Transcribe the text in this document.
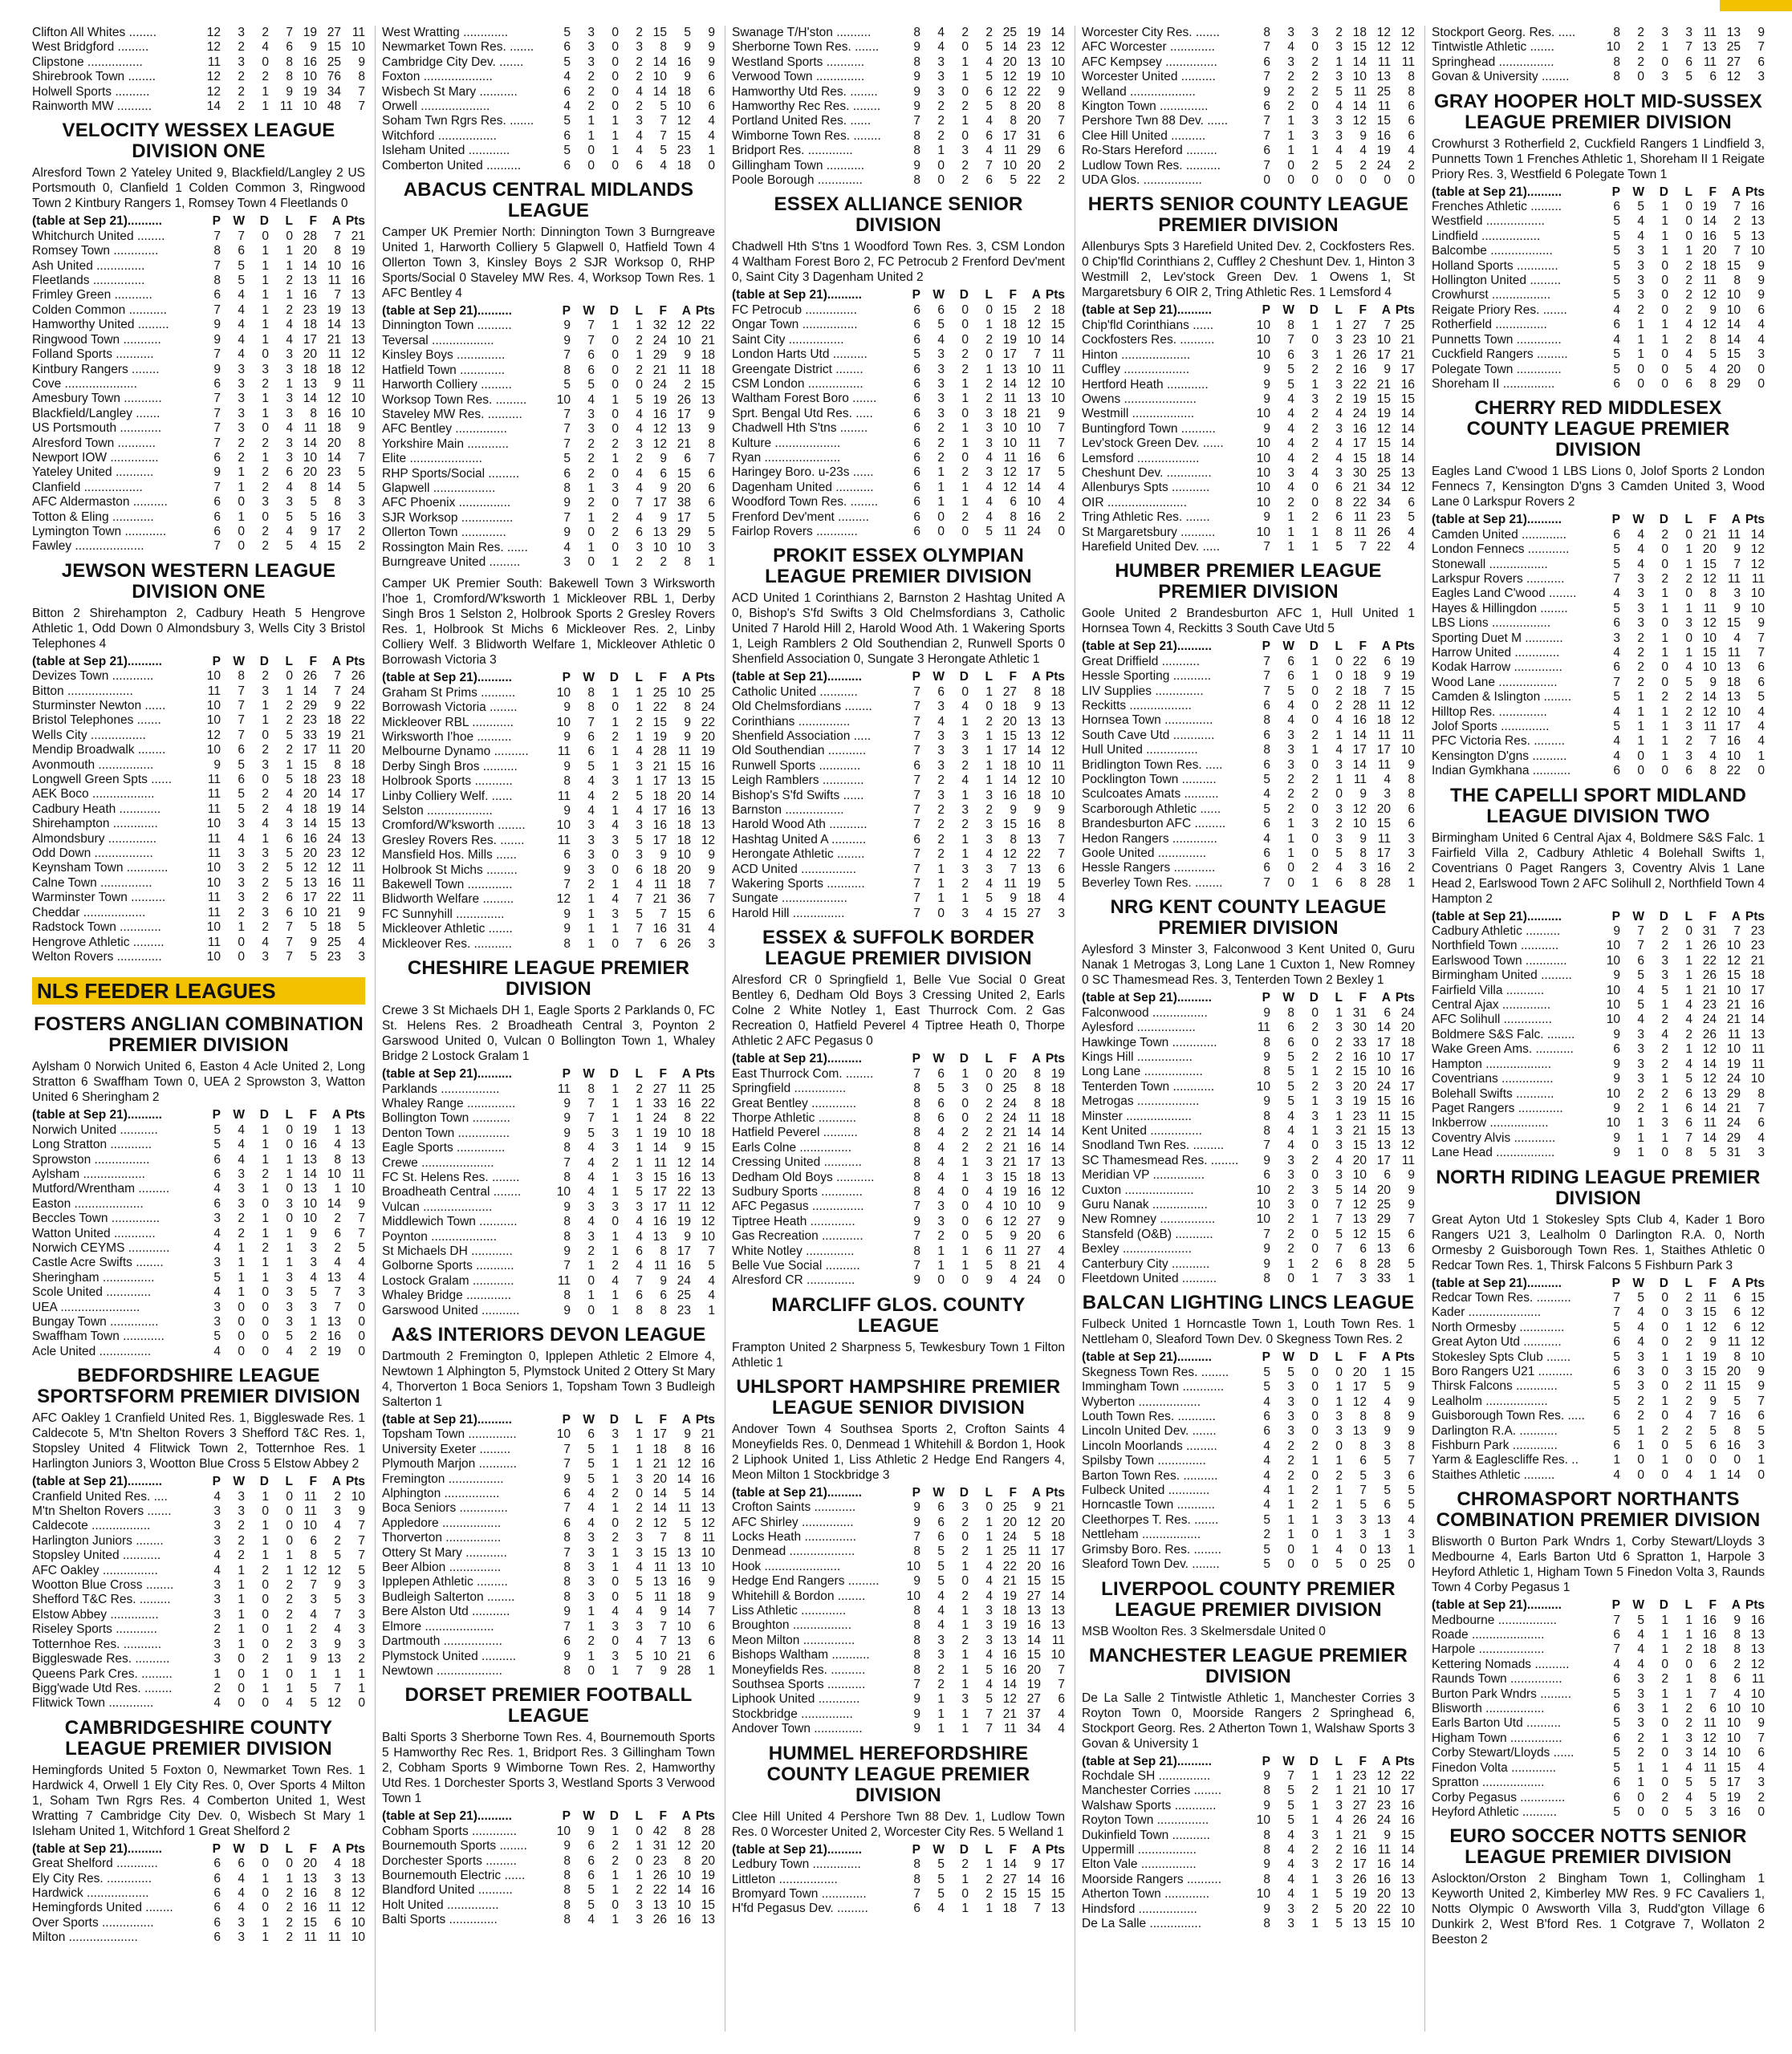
Clifton All Whites ........	12	3	2	7	19	27	11
West Bridgford .........	12	2	4	6	9	15	10
Clipstone ................	11	3	0	8	16	25	9
Shirebrook Town ........	12	2	2	8	10	76	8
Holwell Sports ..........	12	2	1	9	19	34	7
Rainworth MW ..........	14	2	1	11	10	48	7
VELOCITY WESSEX LEAGUE DIVISION ONE
Alresford Town 2 Yateley United 9, Blackfield/Langley 2 US Portsmouth 0, Clanfield 1 Colden Common 3, Ringwood Town 2 Kintbury Rangers 1, Romsey Town 4 Fleetlands 0
(table at Sep 21)..........	P	W	D	L	F	A	Pts
Whitchurch United ........	7	7	0	0	28	7	21
Romsey Town .............	8	6	1	1	20	8	19
Ash United ..............	7	5	1	1	14	10	16
Fleetlands ...............	8	5	1	2	13	11	16
Frimley Green ...........	6	4	1	1	16	7	13
Colden Common ...........	7	4	1	2	23	19	13
Hamworthy United .........	9	4	1	4	18	14	13
Ringwood Town ...........	9	4	1	4	17	21	13
Folland Sports ...........	7	4	0	3	20	11	12
Kintbury Rangers ........	9	3	3	3	18	18	12
Cove .....................	6	3	2	1	13	9	11
Amesbury Town ...........	7	3	1	3	14	12	10
Blackfield/Langley .......	7	3	1	3	8	16	10
US Portsmouth ............	7	3	0	4	11	18	9
Alresford Town ...........	7	2	2	3	14	20	8
Newport IOW ..............	6	2	1	3	10	14	7
Yateley United ...........	9	1	2	6	20	23	5
Clanfield .................	7	1	2	4	8	14	5
AFC Aldermaston ..........	6	0	3	3	5	8	3
Totton & Eling ............	6	1	0	5	5	16	3
Lymington Town ............	6	0	2	4	9	17	2
Fawley ....................	7	0	2	5	4	15	2
JEWSON WESTERN LEAGUE DIVISION ONE
Bitton 2 Shirehampton 2, Cadbury Heath 5 Hengrove Athletic 1, Odd Down 0 Almondsbury 3, Wells City 3 Bristol Telephones 4
(table at Sep 21)..........	P	W	D	L	F	A	Pts
Devizes Town ............	10	8	2	0	26	7	26
Bitton ...................	11	7	3	1	14	7	24
Sturminster Newton ......	10	7	1	2	29	9	22
Bristol Telephones .......	10	7	1	2	23	18	22
Wells City ................	12	7	0	5	33	19	21
Mendip Broadwalk ........	10	6	2	2	17	11	20
Avonmouth ................	9	5	3	1	15	8	18
Longwell Green Spts ......	11	6	0	5	18	23	18
AEK Boco ..................	11	5	2	4	20	14	17
Cadbury Heath ............	11	5	2	4	18	19	14
Shirehampton .............	10	3	4	3	14	15	13
Almondsbury ..............	11	4	1	6	16	24	13
Odd Down .................	11	3	3	5	20	23	12
Keynsham Town ............	10	3	2	5	12	12	11
Calne Town ...............	10	3	2	5	13	16	11
Warminster Town ..........	11	3	2	6	17	22	11
Cheddar ..................	11	2	3	6	10	21	9
Radstock Town ............	10	1	2	7	5	18	5
Hengrove Athletic .........	11	0	4	7	9	25	4
Welton Rovers .............	10	0	3	7	5	23	3
NLS FEEDER LEAGUES
FOSTERS ANGLIAN COMBINATION PREMIER DIVISION
Aylsham 0 Norwich United 6, Easton 4 Acle United 2, Long Stratton 6 Swaffham Town 0, UEA 2 Sprowston 3, Watton United 6 Sheringham 2
(table at Sep 21)..........	P	W	D	L	F	A	Pts
Norwich United ...........	5	4	1	0	19	1	13
Long Stratton ............	5	4	1	0	16	4	13
Sprowston ................	6	4	1	1	13	8	13
Aylsham ..................	6	3	2	1	14	10	11
Mutford/Wrentham .........	4	3	1	0	13	1	10
Easton ....................	6	3	0	3	10	14	9
Beccles Town ..............	3	2	1	0	10	2	7
Watton United ............	4	2	1	1	9	6	7
Norwich CEYMS ............	4	1	2	1	3	2	5
Castle Acre Swifts ........	3	1	1	1	3	4	4
Sheringham ...............	5	1	1	3	4	13	4
Scole United .............	4	1	0	3	5	7	3
UEA .......................	3	0	0	3	3	7	0
Bungay Town ..............	3	0	0	3	1	13	0
Swaffham Town ............	5	0	0	5	2	16	0
Acle United ...............	4	0	0	4	2	19	0
BEDFORDSHIRE LEAGUE SPORTSFORM PREMIER DIVISION
AFC Oakley 1 Cranfield United Res. 1, Biggleswade Res. 1 Caldecote 5, M'tn Shelton Rovers 3 Shefford T&C Res. 1, Stopsley United 4 Flitwick Town 2, Totternhoe Res. 1 Harlington Juniors 3, Wootton Blue Cross 5 Elstow Abbey 2
(table at Sep 21)..........	P	W	D	L	F	A	Pts
Cranfield United Res. ....	4	3	1	0	11	2	10
M'tn Shelton Rovers .......	3	3	0	0	11	3	9
Caldecote .................	3	2	1	0	10	4	7
Harlington Juniors ........	3	2	1	0	6	2	7
Stopsley United ...........	4	2	1	1	8	5	7
AFC Oakley ................	4	1	2	1	12	12	5
Wootton Blue Cross ........	3	1	0	2	7	9	3
Shefford T&C Res. .........	3	1	0	2	3	5	3
Elstow Abbey ..............	3	1	0	2	4	7	3
Riseley Sports ............	2	1	0	1	2	4	3
Totternhoe Res. ...........	3	1	0	2	3	9	3
Biggleswade Res. ..........	3	0	2	1	9	13	2
Queens Park Cres. .........	1	0	1	0	1	1	1
Bigg'wade Utd Res. ........	2	0	1	1	5	7	1
Flitwick Town .............	4	0	0	4	5	12	0
CAMBRIDGESHIRE COUNTY LEAGUE PREMIER DIVISION
Hemingfords United 5 Foxton 0, Newmarket Town Res. 1 Hardwick 4, Orwell 1 Ely City Res. 0, Over Sports 4 Milton 1, Soham Twn Rgrs Res. 4 Comberton United 1, West Wratting 7 Cambridge City Dev. 0, Wisbech St Mary 1 Isleham United 1, Witchford 1 Great Shelford 2
(table at Sep 21)..........	P	W	D	L	F	A	Pts
Great Shelford ............	6	6	0	0	20	4	18
Ely City Res. .............	6	4	1	1	13	3	13
Hardwick ..................	6	4	0	2	16	8	12
Hemingfords United ........	6	4	0	2	16	11	12
Over Sports ...............	6	3	1	2	15	6	10
Milton ....................	6	3	1	2	11	11	10
West Wratting .............	5	3	0	2	15	5	9
Newmarket Town Res. .......	6	3	0	3	8	9	9
Cambridge City Dev. .......	5	3	0	2	14	16	9
Foxton ....................	4	2	0	2	10	9	6
Wisbech St Mary ...........	6	2	0	4	14	18	6
Orwell ....................	4	2	0	2	5	10	6
Soham Twn Rgrs Res. .......	5	1	1	3	7	12	4
Witchford .................	6	1	1	4	7	15	4
Isleham United ............	5	0	1	4	5	23	1
Comberton United ..........	6	0	0	6	4	18	0
ABACUS CENTRAL MIDLANDS LEAGUE
Camper UK Premier North: Dinnington Town 3 Burngreave United 1, Harworth Colliery 5 Glapwell 0, Hatfield Town 4 Ollerton Town 3, Kinsley Boys 2 SJR Worksop 0, RHP Sports/Social 0 Staveley MW Res. 4, Worksop Town Res. 1 AFC Bentley 4
(table at Sep 21)..........	P	W	D	L	F	A	Pts
Dinnington Town ..........	9	7	1	1	32	12	22
Teversal ..................	9	7	0	2	24	10	21
Kinsley Boys ..............	7	6	0	1	29	9	18
Hatfield Town .............	8	6	0	2	21	11	18
Harworth Colliery .........	5	5	0	0	24	2	15
Worksop Town Res. .........	10	4	1	5	19	26	13
Staveley MW Res. ..........	7	3	0	4	16	17	9
AFC Bentley ...............	7	3	0	4	12	13	9
Yorkshire Main ............	7	2	2	3	12	21	8
Elite .....................	5	2	1	2	9	6	7
RHP Sports/Social .........	6	2	0	4	6	15	6
Glapwell ..................	8	1	3	4	9	20	6
AFC Phoenix ...............	9	2	0	7	17	38	6
SJR Worksop ...............	7	1	2	4	9	17	5
Ollerton Town .............	9	0	2	6	13	29	5
Rossington Main Res. ......	4	1	0	3	10	10	3
Burngreave United .........	3	0	1	2	2	8	1
Camper UK Premier South: Bakewell Town 3 Wirksworth I'hoe 1, Cromford/W'ksworth 1 Mickleover RBL 1, Derby Singh Bros 1 Selston 2, Holbrook Sports 2 Gresley Rovers Res. 1, Holbrook St Michs 6 Mickleover Res. 2, Linby Colliery Welf. 3 Blidworth Welfare 1, Mickleover Athletic 0 Borrowash Victoria 3
(table at Sep 21)..........	P	W	D	L	F	A	Pts
Graham St Prims ..........	10	8	1	1	25	10	25
Borrowash Victoria ........	9	8	0	1	22	8	24
Mickleover RBL ............	10	7	1	2	15	9	22
Wirksworth I'hoe ..........	9	6	2	1	19	9	20
Melbourne Dynamo ..........	11	6	1	4	28	11	19
Derby Singh Bros ..........	9	5	1	3	21	15	16
Holbrook Sports ...........	8	4	3	1	17	13	15
Linby Colliery Welf. ......	11	4	2	5	18	20	14
Selston ...................	9	4	1	4	17	16	13
Cromford/W'ksworth ........	10	3	4	3	16	18	13
Gresley Rovers Res. .......	11	3	3	5	17	18	12
Mansfield Hos. Mills ......	6	3	0	3	9	10	9
Holbrook St Michs .........	9	3	0	6	18	20	9
Bakewell Town .............	7	2	1	4	11	18	7
Blidworth Welfare .........	12	1	4	7	21	36	7
FC Sunnyhill ..............	9	1	3	5	7	15	6
Mickleover Athletic .......	9	1	1	7	16	31	4
Mickleover Res. ...........	8	1	0	7	6	26	3
CHESHIRE LEAGUE PREMIER DIVISION
Crewe 3 St Michaels DH 1, Eagle Sports 2 Parklands 0, FC St. Helens Res. 2 Broadheath Central 3, Poynton 2 Garswood United 0, Vulcan 0 Bollington Town 1, Whaley Bridge 2 Lostock Gralam 1
(table at Sep 21)..........	P	W	D	L	F	A	Pts
Parklands .................	11	8	1	2	27	11	25
Whaley Range ..............	9	7	1	1	33	16	22
Bollington Town ...........	9	7	1	1	24	8	22
Denton Town ...............	9	5	3	1	19	10	18
Eagle Sports ..............	8	4	3	1	14	9	15
Crewe .....................	7	4	2	1	11	12	14
FC St. Helens Res. ........	8	4	1	3	15	16	13
Broadheath Central ........	10	4	1	5	17	22	13
Vulcan ....................	9	3	3	3	17	11	12
Middlewich Town ...........	8	4	0	4	16	19	12
Poynton ...................	8	3	1	4	13	9	10
St Michaels DH ............	9	2	1	6	8	17	7
Golborne Sports ...........	7	1	2	4	11	16	5
Lostock Gralam ............	11	0	4	7	9	24	4
Whaley Bridge .............	8	1	1	6	6	25	4
Garswood United ...........	9	0	1	8	8	23	1
A&S INTERIORS DEVON LEAGUE
Dartmouth 2 Fremington 0, Ipplepen Athletic 2 Elmore 4, Newtown 1 Alphington 5, Plymstock United 2 Ottery St Mary 4, Thorverton 1 Boca Seniors 1, Topsham Town 3 Budleigh Salterton 1
(table at Sep 21)..........	P	W	D	L	F	A	Pts
Topsham Town ..............	10	6	3	1	17	9	21
University Exeter .........	7	5	1	1	18	8	16
Plymouth Marjon ...........	7	5	1	1	21	12	16
Fremington ................	9	5	1	3	20	14	16
Alphington ................	6	4	2	0	14	5	14
Boca Seniors ..............	7	4	1	2	14	11	13
Appledore .................	6	4	0	2	12	5	12
Thorverton ................	8	3	2	3	7	8	11
Ottery St Mary ............	7	3	1	3	15	13	10
Beer Albion ...............	8	3	1	4	11	13	10
Ipplepen Athletic .........	8	3	0	5	13	16	9
Budleigh Salterton ........	8	3	0	5	11	18	9
Bere Alston Utd ...........	9	1	4	4	9	14	7
Elmore ....................	7	1	3	3	7	10	6
Dartmouth .................	6	2	0	4	7	13	6
Plymstock United ..........	9	1	3	5	10	21	6
Newtown ...................	8	0	1	7	9	28	1
DORSET PREMIER FOOTBALL LEAGUE
Balti Sports 3 Sherborne Town Res. 4, Bournemouth Sports 5 Hamworthy Rec Res. 1, Bridport Res. 3 Gillingham Town 2, Cobham Sports 9 Wimborne Town Res. 2, Hamworthy Utd Res. 1 Dorchester Sports 3, Westland Sports 3 Verwood Town 1
(table at Sep 21)..........	P	W	D	L	F	A	Pts
Cobham Sports .............	10	9	1	0	42	8	28
Bournemouth Sports ........	9	6	2	1	31	12	20
Dorchester Sports .........	8	6	2	0	23	8	20
Bournemouth Electric ......	8	6	1	1	26	10	19
Blandford United ..........	8	5	1	2	22	14	16
Holt United ...............	8	5	0	3	13	10	15
Balti Sports ..............	8	4	1	3	26	16	13
Swanage T/H'ston ..........	8	4	2	2	25	19	14
Sherborne Town Res. .......	9	4	0	5	14	23	12
Westland Sports ...........	8	3	1	4	20	13	10
Verwood Town ..............	9	3	1	5	12	19	10
Hamworthy Utd Res. ........	9	3	0	6	12	22	9
Hamworthy Rec Res. ........	9	2	2	5	8	20	8
Portland United Res. ......	7	2	1	4	8	20	7
Wimborne Town Res. ........	8	2	0	6	17	31	6
Bridport Res. .............	8	1	3	4	11	29	6
Gillingham Town ...........	9	0	2	7	10	20	2
Poole Borough .............	8	0	2	6	5	22	2
ESSEX ALLIANCE SENIOR DIVISION
Chadwell Hth S'tns 1 Woodford Town Res. 3, CSM London 4 Waltham Forest Boro 2, FC Petrocub 2 Frenford Dev'ment 0, Saint City 3 Dagenham United 2
(table at Sep 21)..........	P	W	D	L	F	A	Pts
FC Petrocub ...............	6	6	0	0	15	2	18
Ongar Town ................	6	5	0	1	18	12	15
Saint City ................	6	4	0	2	19	10	14
London Harts Utd ..........	5	3	2	0	17	7	11
Greengate District ........	6	3	2	1	13	10	11
CSM London ................	6	3	1	2	14	12	10
Waltham Forest Boro .......	6	3	1	2	11	13	10
Sprt. Bengal Utd Res. .....	6	3	0	3	18	21	9
Chadwell Hth S'tns ........	6	2	1	3	10	10	7
Kulture ...................	6	2	1	3	10	11	7
Ryan ......................	6	2	0	4	11	16	6
Haringey Boro. u-23s ......	6	1	2	3	12	17	5
Dagenham United ...........	6	1	1	4	12	14	4
Woodford Town Res. ........	6	1	1	4	6	10	4
Frenford Dev'ment .........	6	0	2	4	8	16	2
Fairlop Rovers ............	6	0	0	5	11	24	0
PROKIT ESSEX OLYMPIAN LEAGUE PREMIER DIVISION
ACD United 1 Corinthians 2, Barnston 2 Hashtag United A 0, Bishop's S'fd Swifts 3 Old Chelmsfordians 3, Catholic United 7 Harold Hill 2, Harold Wood Ath. 1 Wakering Sports 1, Leigh Ramblers 2 Old Southendian 2, Runwell Sports 0 Shenfield Association 0, Sungate 3 Herongate Athletic 1
(table at Sep 21)..........	P	W	D	L	F	A	Pts
Catholic United ...........	7	6	0	1	27	8	18
Old Chelmsfordians ........	7	3	4	0	18	9	13
Corinthians ...............	7	4	1	2	20	13	13
Shenfield Association .....	7	3	3	1	15	13	12
Old Southendian ...........	7	3	3	1	17	14	12
Runwell Sports ............	6	3	2	1	18	10	11
Leigh Ramblers ............	7	2	4	1	14	12	10
Bishop's S'fd Swifts ......	7	3	1	3	16	18	10
Barnston .................	7	2	3	2	9	9	9
Harold Wood Ath ...........	7	2	2	3	15	16	8
Hashtag United A ..........	6	2	1	3	8	13	7
Herongate Athletic ........	7	2	1	4	12	22	7
ACD United ................	7	1	3	3	7	13	6
Wakering Sports ...........	7	1	2	4	11	19	5
Sungate ...................	7	1	1	5	9	18	4
Harold Hill ...............	7	0	3	4	15	27	3
ESSEX & SUFFOLK BORDER LEAGUE PREMIER DIVISION
Alresford CR 0 Springfield 1, Belle Vue Social 0 Great Bentley 6, Dedham Old Boys 3 Cressing United 2, Earls Colne 2 White Notley 1, East Thurrock Com. 2 Gas Recreation 0, Hatfield Peverel 4 Tiptree Heath 0, Thorpe Athletic 2 AFC Pegasus 0
(table at Sep 21)..........	P	W	D	L	F	A	Pts
East Thurrock Com. ........	7	6	1	0	20	8	19
Springfield ...............	8	5	3	0	25	8	18
Great Bentley .............	8	6	0	2	24	8	18
Thorpe Athletic ...........	8	6	0	2	24	11	18
Hatfield Peverel ..........	8	4	2	2	21	14	14
Earls Colne ...............	8	4	2	2	21	16	14
Cressing United ...........	8	4	1	3	21	17	13
Dedham Old Boys ...........	8	4	1	3	15	18	13
Sudbury Sports ............	8	4	0	4	19	16	12
AFC Pegasus ...............	7	3	0	4	10	10	9
Tiptree Heath .............	9	3	0	6	12	27	9
Gas Recreation ............	7	2	0	5	9	20	6
White Notley ..............	8	1	1	6	11	27	4
Belle Vue Social ..........	7	1	1	5	8	21	4
Alresford CR ..............	9	0	0	9	4	24	0
MARCLIFF GLOS. COUNTY LEAGUE
Frampton United 2 Sharpness 5, Tewkesbury Town 1 Filton Athletic 1
UHLSPORT HAMPSHIRE PREMIER LEAGUE SENIOR DIVISION
Andover Town 4 Southsea Sports 2, Crofton Saints 4 Moneyfields Res. 0, Denmead 1 Whitehill & Bordon 1, Hook 2 Liphook United 1, Liss Athletic 2 Hedge End Rangers 4, Meon Milton 1 Stockbridge 3
(table at Sep 21)..........	P	W	D	L	F	A	Pts
Crofton Saints ............	9	6	3	0	25	9	21
AFC Shirley ...............	9	6	2	1	20	12	20
Locks Heath ...............	7	6	0	1	24	5	18
Denmead ...................	8	5	2	1	25	11	17
Hook ......................	10	5	1	4	22	20	16
Hedge End Rangers .........	9	5	0	4	21	15	15
Whitehill & Bordon ........	10	4	2	4	19	27	14
Liss Athletic .............	8	4	1	3	18	13	13
Broughton .................	8	4	1	3	19	16	13
Meon Milton ...............	8	3	2	3	13	14	11
Bishops Waltham ...........	8	3	1	4	16	15	10
Moneyfields Res. ..........	8	2	1	5	16	20	7
Southsea Sports ...........	7	2	1	4	14	19	7
Liphook United ............	9	1	3	5	12	27	6
Stockbridge ...............	9	1	1	7	21	37	4
Andover Town ..............	9	1	1	7	11	34	4
HUMMEL HEREFORDSHIRE COUNTY LEAGUE PREMIER DIVISION
Clee Hill United 4 Pershore Twn 88 Dev. 1, Ludlow Town Res. 0 Worcester United 2, Worcester City Res. 5 Welland 1
(table at Sep 21)..........	P	W	D	L	F	A	Pts
Ledbury Town ..............	8	5	2	1	14	9	17
Littleton .................	8	5	1	2	27	14	16
Bromyard Town .............	7	5	0	2	15	15	15
H'fd Pegasus Dev. .........	6	4	1	1	18	7	13
Worcester City Res. .......	8	3	3	2	18	12	12
AFC Worcester .............	7	4	0	3	15	12	12
AFC Kempsey ...............	6	3	2	1	14	11	11
Worcester United ..........	7	2	2	3	10	13	8
Welland ...................	9	2	2	5	11	25	8
Kington Town ..............	6	2	0	4	14	11	6
Pershore Twn 88 Dev. ......	7	1	3	3	12	15	6
Clee Hill United ..........	7	1	3	3	9	16	6
Ro-Stars Hereford .........	6	1	1	4	4	19	4
Ludlow Town Res. ..........	7	0	2	5	2	24	2
UDA Glos. .................	0	0	0	0	0	0	0
HERTS SENIOR COUNTY LEAGUE PREMIER DIVISION
Allenburys Spts 3 Harefield United Dev. 2, Cockfosters Res. 0 Chip'fld Corinthians 2, Cuffley 2 Cheshunt Dev. 1, Hinton 3 Westmill 2, Lev'stock Green Dev. 1 Owens 1, St Margaretsbury 6 OIR 2, Tring Athletic Res. 1 Lemsford 4
(table at Sep 21)..........	P	W	D	L	F	A	Pts
Chip'fld Corinthians ......	10	8	1	1	27	7	25
Cockfosters Res. ..........	10	7	0	3	23	10	21
Hinton ....................	10	6	3	1	26	17	21
Cuffley ...................	9	5	2	2	16	9	17
Hertford Heath ............	9	5	1	3	22	21	16
Owens .....................	9	4	3	2	19	15	15
Westmill ..................	10	4	2	4	24	19	14
Buntingford Town ..........	9	4	2	3	16	12	14
Lev'stock Green Dev. ......	10	4	2	4	17	15	14
Lemsford ..................	10	4	2	4	15	18	14
Cheshunt Dev. .............	10	3	4	3	30	25	13
Allenburys Spts ...........	10	4	0	6	21	34	12
OIR .......................	10	2	0	8	22	34	6
Tring Athletic Res. .......	9	1	2	6	11	23	5
St Margaretsbury ..........	10	1	1	8	11	26	4
Harefield United Dev. .....	7	1	1	5	7	22	4
HUMBER PREMIER LEAGUE PREMIER DIVISION
Goole United 2 Brandesburton AFC 1, Hull United 1 Hornsea Town 4, Reckitts 3 South Cave Utd 5
(table at Sep 21)..........	P	W	D	L	F	A	Pts
Great Driffield ...........	7	6	1	0	22	6	19
Hessle Sporting ...........	7	6	1	0	18	9	19
LIV Supplies ..............	7	5	0	2	18	7	15
Reckitts ..................	6	4	0	2	28	11	12
Hornsea Town ..............	8	4	0	4	16	18	12
South Cave Utd ............	6	3	2	1	14	11	11
Hull United ...............	8	3	1	4	17	17	10
Bridlington Town Res. .....	6	3	0	3	14	11	9
Pocklington Town ..........	5	2	2	1	11	4	8
Sculcoates Amats ..........	4	2	2	0	9	3	8
Scarborough Athletic ......	5	2	0	3	12	20	6
Brandesburton AFC .........	6	1	3	2	10	15	6
Hedon Rangers .............	4	1	0	3	9	11	3
Goole United ..............	6	1	0	5	8	17	3
Hessle Rangers ............	6	0	2	4	3	16	2
Beverley Town Res. ........	7	0	1	6	8	28	1
NRG KENT COUNTY LEAGUE PREMIER DIVISION
Aylesford 3 Minster 3, Falconwood 3 Kent United 0, Guru Nanak 1 Metrogas 3, Long Lane 1 Cuxton 1, New Romney 0 SC Thamesmead Res. 3, Tenterden Town 2 Bexley 1
(table at Sep 21)..........	P	W	D	L	F	A	Pts
Falconwood ................	9	8	0	1	31	6	24
Aylesford .................	11	6	2	3	30	14	20
Hawkinge Town .............	8	6	0	2	33	17	18
Kings Hill ................	9	5	2	2	16	10	17
Long Lane .................	8	5	1	2	15	10	16
Tenterden Town ............	10	5	2	3	20	24	17
Metrogas ..................	9	5	1	3	19	15	16
Minster ...................	8	4	3	1	23	11	15
Kent United ...............	8	4	1	3	21	15	13
Snodland Twn Res. .........	7	4	0	3	15	13	12
SC Thamesmead Res. ........	9	3	2	4	20	17	11
Meridian VP ...............	6	3	0	3	10	6	9
Cuxton ....................	10	2	3	5	14	20	9
Guru Nanak ................	10	3	0	7	12	25	9
New Romney ................	10	2	1	7	13	29	7
Stansfeld (O&B) ...........	7	2	0	5	12	15	6
Bexley ....................	9	2	0	7	6	13	6
Canterbury City ...........	9	1	2	6	8	28	5
Fleetdown United ..........	8	0	1	7	3	33	1
BALCAN LIGHTING LINCS LEAGUE
Fulbeck United 1 Horncastle Town 1, Louth Town Res. 1 Nettleham 0, Sleaford Town Dev. 0 Skegness Town Res. 2
(table at Sep 21)..........	P	W	D	L	F	A	Pts
Skegness Town Res. ........	5	5	0	0	20	1	15
Immingham Town ............	5	3	0	1	17	5	9
Wyberton ..................	4	3	0	1	12	4	9
Louth Town Res. ...........	6	3	0	3	8	8	9
Lincoln United Dev. .......	6	3	0	3	13	9	9
Lincoln Moorlands .........	4	2	2	0	8	3	8
Spilsby Town ..............	4	2	1	1	6	5	7
Barton Town Res. ..........	4	2	0	2	5	3	6
Fulbeck United ............	4	1	2	1	7	5	5
Horncastle Town ...........	4	1	2	1	5	6	5
Cleethorpes T. Res. .......	5	1	1	3	3	13	4
Nettleham .................	2	1	0	1	3	1	3
Grimsby Boro. Res. ........	5	0	1	4	0	13	1
Sleaford Town Dev. ........	5	0	0	5	0	25	0
LIVERPOOL COUNTY PREMIER LEAGUE PREMIER DIVISION
MSB Woolton Res. 3 Skelmersdale United 0
MANCHESTER LEAGUE PREMIER DIVISION
De La Salle 2 Tintwistle Athletic 1, Manchester Corries 3 Royton Town 0, Moorside Rangers 2 Springhead 6, Stockport Georg. Res. 2 Atherton Town 1, Walshaw Sports 3 Govan & University 1
(table at Sep 21)..........	P	W	D	L	F	A	Pts
Rochdale SH ...............	9	7	1	1	23	12	22
Manchester Corries ........	8	5	2	1	21	10	17
Walshaw Sports ............	9	5	1	3	27	23	16
Royton Town ...............	10	5	1	4	26	24	16
Dukinfield Town ...........	8	4	3	1	21	9	15
Uppermill .................	8	4	2	2	16	11	14
Elton Vale ................	9	4	3	2	17	16	14
Moorside Rangers ..........	8	4	1	3	26	16	13
Atherton Town .............	10	4	1	5	19	20	13
Hindsford .................	9	3	2	5	20	22	10
De La Salle ...............	8	3	1	5	13	15	10
Stockport Georg. Res. .....	8	2	3	3	11	13	9
Tintwistle Athletic .......	10	2	1	7	13	25	7
Springhead ................	8	2	0	6	11	27	6
Govan & University ........	8	0	3	5	6	12	3
GRAY HOOPER HOLT MID-SUSSEX LEAGUE PREMIER DIVISION
Crowhurst 3 Rotherfield 2, Cuckfield Rangers 1 Lindfield 3, Punnetts Town 1 Frenches Athletic 1, Shoreham II 1 Reigate Priory Res. 3, Westfield 6 Polegate Town 1
(table at Sep 21)..........	P	W	D	L	F	A	Pts
Frenches Athletic .........	6	5	1	0	19	7	16
Westfield .................	5	4	1	0	14	2	13
Lindfield .................	5	4	1	0	16	5	13
Balcombe ..................	5	3	1	1	20	7	10
Holland Sports ............	5	3	0	2	18	15	9
Hollington United .........	5	3	0	2	11	8	9
Crowhurst .................	5	3	0	2	12	10	9
Reigate Priory Res. .......	4	2	0	2	9	10	6
Rotherfield ...............	6	1	1	4	12	14	4
Punnetts Town .............	4	1	1	2	8	14	4
Cuckfield Rangers .........	5	1	0	4	5	15	3
Polegate Town .............	5	0	0	5	4	20	0
Shoreham II ...............	6	0	0	6	8	29	0
CHERRY RED MIDDLESEX COUNTY LEAGUE PREMIER DIVISION
Eagles Land C'wood 1 LBS Lions 0, Jolof Sports 2 London Fennecs 7, Kensington D'gns 3 Camden United 3, Wood Lane 0 Larkspur Rovers 2
(table at Sep 21)..........	P	W	D	L	F	A	Pts
Camden United .............	6	4	2	0	21	11	14
London Fennecs ............	5	4	0	1	20	9	12
Stonewall .................	5	4	0	1	15	7	12
Larkspur Rovers ...........	7	3	2	2	12	11	11
Eagles Land C'wood ........	4	3	1	0	8	3	10
Hayes & Hillingdon ........	5	3	1	1	11	9	10
LBS Lions .................	6	3	0	3	12	15	9
Sporting Duet M ...........	3	2	1	0	10	4	7
Harrow United .............	4	2	1	1	15	11	7
Kodak Harrow ..............	6	2	0	4	10	13	6
Wood Lane .................	7	2	0	5	9	18	6
Camden & Islington ........	5	1	2	2	14	13	5
Hilltop Res. ..............	4	1	1	2	12	10	4
Jolof Sports ..............	5	1	1	3	11	17	4
PFC Victoria Res. .........	4	1	1	2	7	16	4
Kensington D'gns ..........	4	0	1	3	4	10	1
Indian Gymkhana ...........	6	0	0	6	8	22	0
THE CAPELLI SPORT MIDLAND LEAGUE DIVISION TWO
Birmingham United 6 Central Ajax 4, Boldmere S&S Falc. 1 Fairfield Villa 2, Cadbury Athletic 4 Bolehall Swifts 1, Coventrians 0 Paget Rangers 3, Coventry Alvis 1 Lane Head 2, Earlswood Town 2 AFC Solihull 2, Northfield Town 4 Hampton 2
(table at Sep 21)..........	P	W	D	L	F	A	Pts
Cadbury Athletic ..........	9	7	2	0	31	7	23
Northfield Town ...........	10	7	2	1	26	10	23
Earlswood Town ............	10	6	3	1	22	12	21
Birmingham United .........	9	5	3	1	26	15	18
Fairfield Villa ...........	10	4	5	1	21	10	17
Central Ajax ..............	10	5	1	4	23	21	16
AFC Solihull ..............	10	4	2	4	24	21	14
Boldmere S&S Falc. ........	9	3	4	2	26	11	13
Wake Green Ams. ...........	6	3	2	1	12	10	11
Hampton ...................	9	3	2	4	14	19	11
Coventrians ...............	9	3	1	5	12	24	10
Bolehall Swifts ...........	10	2	2	6	13	29	8
Paget Rangers .............	9	2	1	6	14	21	7
Inkberrow .................	10	1	3	6	11	24	6
Coventry Alvis ............	9	1	1	7	14	29	4
Lane Head .................	9	1	0	8	5	31	3
NORTH RIDING LEAGUE PREMIER DIVISION
Great Ayton Utd 1 Stokesley Spts Club 4, Kader 1 Boro Rangers U21 3, Lealholm 0 Darlington R.A. 0, North Ormesby 2 Guisborough Town Res. 1, Staithes Athletic 0 Redcar Town Res. 1, Thirsk Falcons 5 Fishburn Park 3
(table at Sep 21)..........	P	W	D	L	F	A	Pts
Redcar Town Res. ..........	7	5	0	2	11	6	15
Kader .....................	7	4	0	3	15	6	12
North Ormesby .............	5	4	0	1	12	6	12
Great Ayton Utd ...........	6	4	0	2	9	11	12
Stokesley Spts Club .......	5	3	1	1	19	8	10
Boro Rangers U21 ..........	6	3	0	3	15	20	9
Thirsk Falcons ............	5	3	0	2	11	15	9
Lealholm ..................	5	2	1	2	9	5	7
Guisborough Town Res. .....	6	2	0	4	7	16	6
Darlington R.A. ...........	5	1	2	2	5	8	5
Fishburn Park .............	6	1	0	5	6	16	3
Yarm & Eaglescliffe Res. ..	1	0	1	0	0	0	1
Staithes Athletic .........	4	0	0	4	1	14	0
CHROMASPORT NORTHANTS COMBINATION PREMIER DIVISION
Blisworth 0 Burton Park Wndrs 1, Corby Stewart/Lloyds 3 Medbourne 4, Earls Barton Utd 6 Spratton 1, Harpole 3 Heyford Athletic 1, Higham Town 5 Finedon Volta 3, Raunds Town 4 Corby Pegasus 1
(table at Sep 21)..........	P	W	D	L	F	A	Pts
Medbourne .................	7	5	1	1	16	9	16
Roade .....................	6	4	1	1	16	8	13
Harpole ...................	7	4	1	2	18	8	13
Kettering Nomads ..........	4	4	0	0	6	2	12
Raunds Town ...............	6	3	2	1	8	6	11
Burton Park Wndrs .........	5	3	1	1	7	4	10
Blisworth .................	6	3	1	2	6	10	10
Earls Barton Utd ..........	5	3	0	2	11	10	9
Higham Town ...............	6	2	1	3	12	10	7
Corby Stewart/Lloyds ......	5	2	0	3	14	10	6
Finedon Volta .............	5	1	1	4	11	15	4
Spratton ..................	6	1	0	5	5	17	3
Corby Pegasus .............	6	0	2	4	5	19	2
Heyford Athletic ..........	5	0	0	5	3	16	0
EURO SOCCER NOTTS SENIOR LEAGUE PREMIER DIVISION
Aslockton/Orston 2 Bingham Town 1, Collingham 1 Keyworth United 2, Kimberley MW Res. 9 FC Cavaliers 1, Notts Olympic 0 Awsworth Villa 3, Rudd'gton Village 6 Dunkirk 2, West B'ford Res. 1 Cotgrave 7, Wollaton 2 Beeston 2
